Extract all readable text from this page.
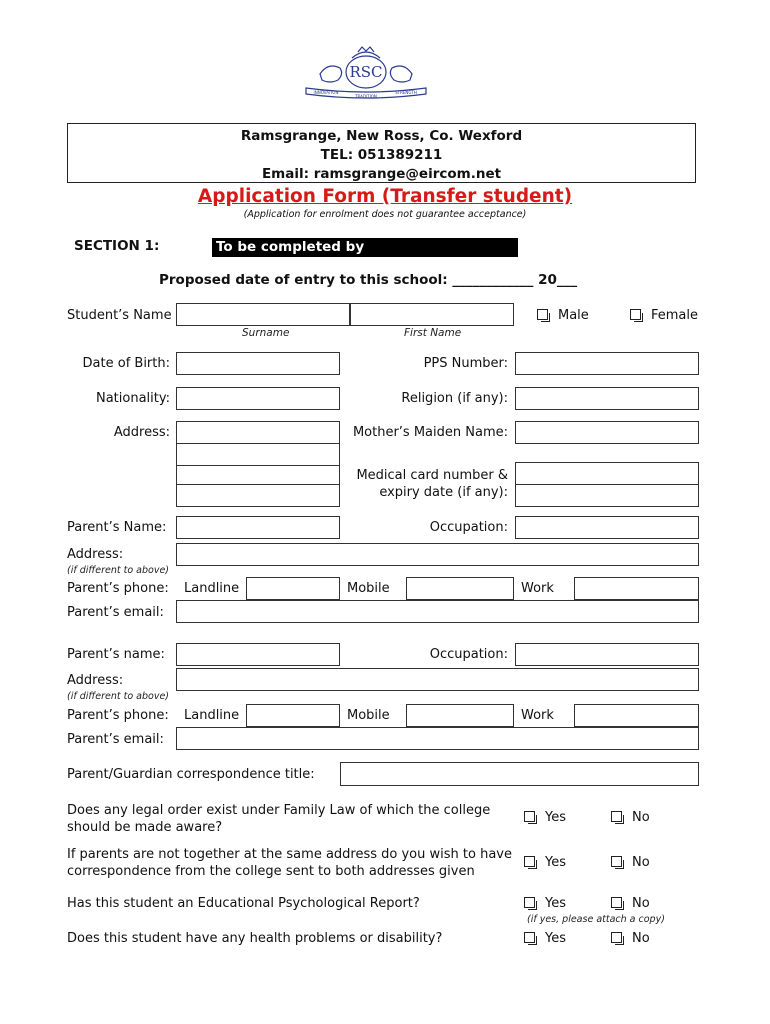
RSC
INNOVATION
TRADITION
STRENGTH
Ramsgrange, New Ross, Co. Wexford
TEL: 051389211
Email: ramsgrange@eircom.net
Application Form (Transfer student)
(Application for enrolment does not guarantee acceptance)
SECTION 1:	To be completed by parent(s)/guardian(s)
Proposed date of entry to this school: ____________ 20___
Student’s Name
Surname	First Name
Male	Female
Date of Birth:	PPS Number:
Nationality:	Religion (if any):
Address:	Mother’s Maiden Name:
Medical card number &
expiry date (if any):
Parent’s Name:	Occupation:
Address:
(if different to above)
Parent’s phone: Landline	Mobile	Work
Parent’s email:
Parent’s name:	Occupation:
Address:
(if different to above)
Parent’s phone: Landline	Mobile	Work
Parent’s email:
Parent/Guardian correspondence title:
Does any legal order exist under Family Law of which the college
should be made aware?
Yes	No
If parents are not together at the same address do you wish to have
correspondence from the college sent to both addresses given
Yes	No
Has this student an Educational Psychological Report?	Yes	No
(if yes, please attach a copy)
Does this student have any health problems or disability?	Yes	No
